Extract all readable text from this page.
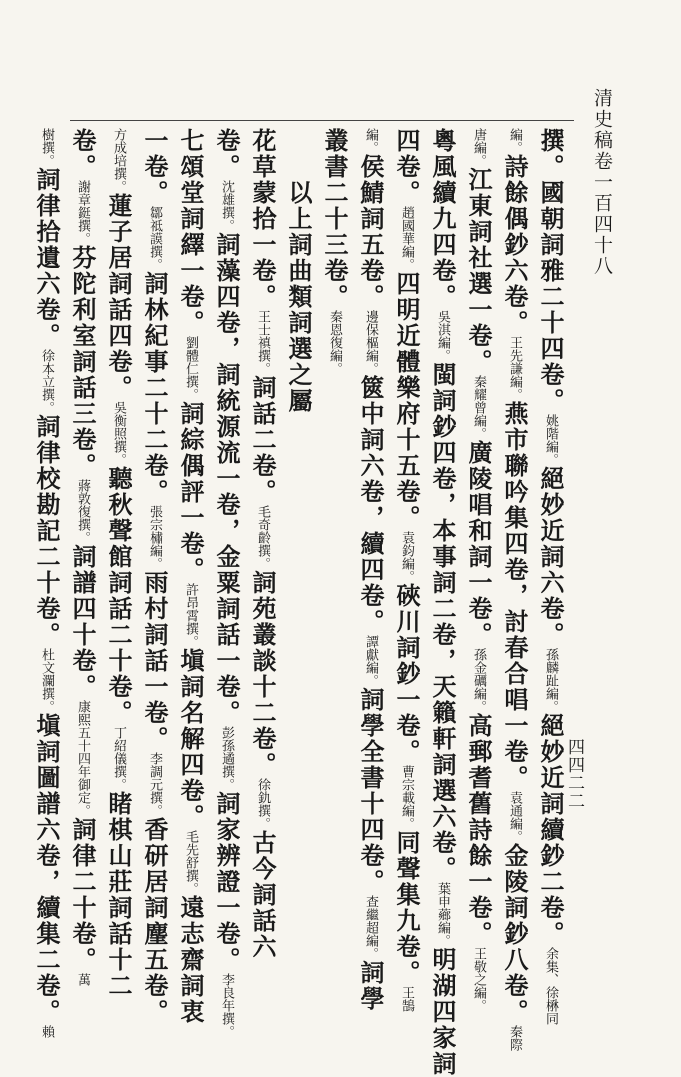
清史稿卷一百四十八
四四二二
撰。國朝詞雅二十四卷。姚階編。絕妙近詞六卷。孫麟趾編。絕妙近詞續鈔二卷。余集、徐楙同
編。詩餘偶鈔六卷。王先謙編。燕市聯吟集四卷，討春合唱一卷。袁通編。金陵詞鈔八卷。秦際
唐編。江東詞社選一卷。秦耀曾編。廣陵唱和詞一卷。孫金礪編。高郵耆舊詩餘一卷。王敬之編。
粵風續九四卷。吳淇編。閩詞鈔四卷，本事詞二卷，天籟軒詞選六卷。葉申薌編。明湖四家詞
四卷。趙國華編。四明近體樂府十五卷。袁鈞編。硤川詞鈔一卷。曹宗載編。同聲集九卷。王鵠
編。侯鯖詞五卷。邊保樞編。篋中詞六卷，續四卷。譚獻編。詞學全書十四卷。查繼超編。詞學
叢書二十三卷。秦恩復編。
以上詞曲類詞選之屬
花草蒙拾一卷。王士禛撰。詞話二卷。毛奇齡撰。詞苑叢談十二卷。徐釚撰。古今詞話六
卷。沈雄撰。詞藻四卷，詞統源流一卷，金粟詞話一卷。彭孫遹撰。詞家辨證一卷。李良年撰。
七頌堂詞繹一卷。劉體仁撰。詞綜偶評一卷。許昂霄撰。塡詞名解四卷。毛先舒撰。遠志齋詞衷
一卷。鄒祗謨撰。詞林紀事二十二卷。張宗橚編。雨村詞話一卷。李調元撰。香研居詞麈五卷。
方成培撰。蓮子居詞話四卷。吳衡照撰。聽秋聲館詞話二十卷。丁紹儀撰。睹棋山莊詞話十二
卷。謝章鋌撰。芬陀利室詞話三卷。蔣敦復撰。詞譜四十卷。康熙五十四年御定。詞律二十卷。萬
樹撰。詞律拾遺六卷。徐本立撰。詞律校勘記二十卷。杜文瀾撰。塡詞圖譜六卷，續集二卷。賴
